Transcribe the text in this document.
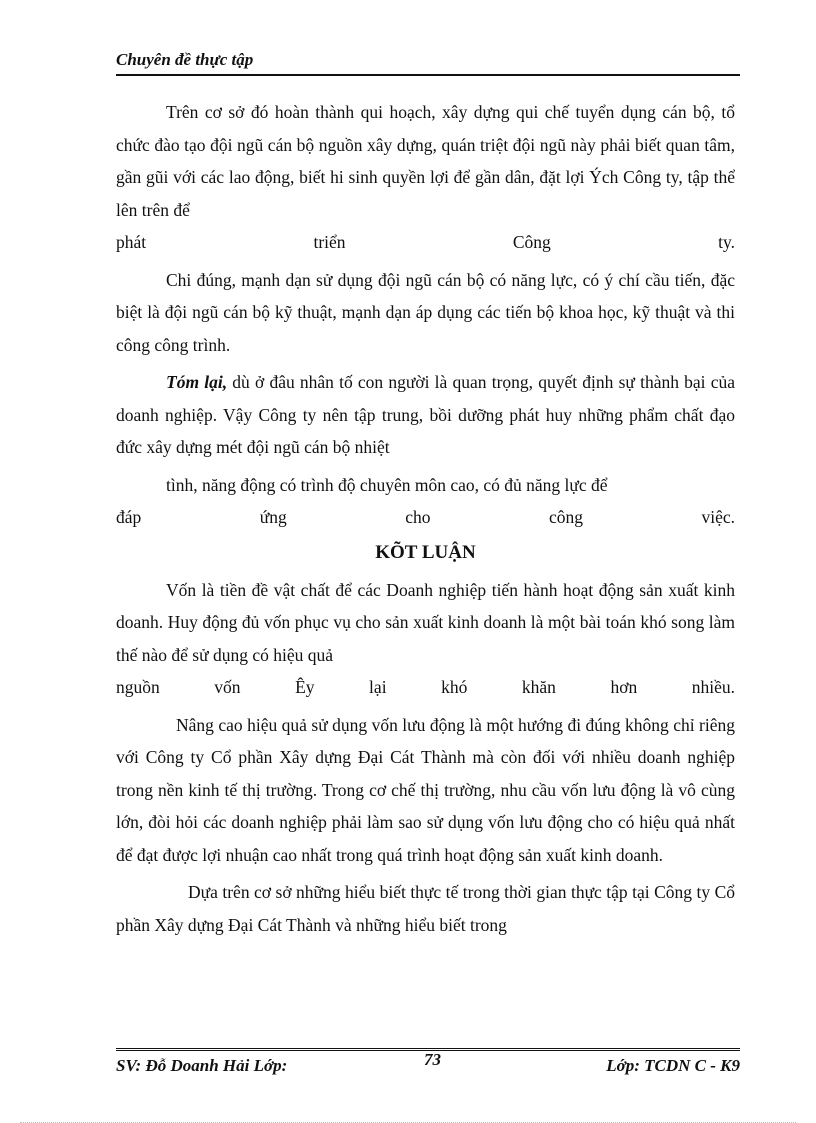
Chuyên đề thực tập

Trên cơ sở đó hoàn thành qui hoạch, xây dựng qui chế tuyển dụng cán bộ, tổ chức đào tạo đội ngũ cán bộ nguồn xây dựng, quán triệt đội ngũ này phải biết quan tâm, gần gũi với các lao động, biết hi sinh quyền lợi để gần dân, đặt lợi Ých Công ty, tập thể lên trên để

phát triển Công ty.

Chi đúng, mạnh dạn sử dụng đội ngũ cán bộ có năng lực, có ý chí cầu tiến, đặc biệt là đội ngũ cán bộ kỹ thuật, mạnh dạn áp dụng các tiến bộ khoa học, kỹ thuật và thi công công trình.

Tóm lại, dù ở đâu nhân tố con người là quan trọng, quyết định sự thành bại của doanh nghiệp. Vậy Công ty nên tập trung, bồi dưỡng phát huy những phẩm chất đạo đức xây dựng mét đội ngũ cán bộ nhiệt

tình, năng động có trình độ chuyên môn cao, có đủ năng lực để

đáp ứng cho công việc.

KÕT LUẬN

Vốn là tiền đề vật chất để các Doanh nghiệp tiến hành hoạt động sản xuất kinh doanh. Huy động đủ vốn phục vụ cho sản xuất kinh doanh là một bài toán khó song làm thế nào để sử dụng có hiệu quả

nguồn vốn Êy lại khó khăn hơn nhiều.

Nâng cao hiệu quả sử dụng vốn lưu động là một hướng đi đúng không chỉ riêng với Công ty Cổ phần Xây dựng Đại Cát Thành mà còn đối với nhiều doanh nghiệp trong nền kinh tế thị trường. Trong cơ chế thị trường, nhu cầu vốn lưu động là vô cùng lớn, đòi hỏi các doanh nghiệp phải làm sao sử dụng vốn lưu động cho có hiệu quả nhất để đạt được lợi nhuận cao nhất trong quá trình hoạt động sản xuất kinh doanh.

Dựa trên cơ sở những hiểu biết thực tế trong thời gian thực tập tại Công ty Cổ phần Xây dựng Đại Cát Thành và những hiểu biết trong

SV: Đỗ Doanh Hải Lớp:	73	Lớp: TCDN C - K9
